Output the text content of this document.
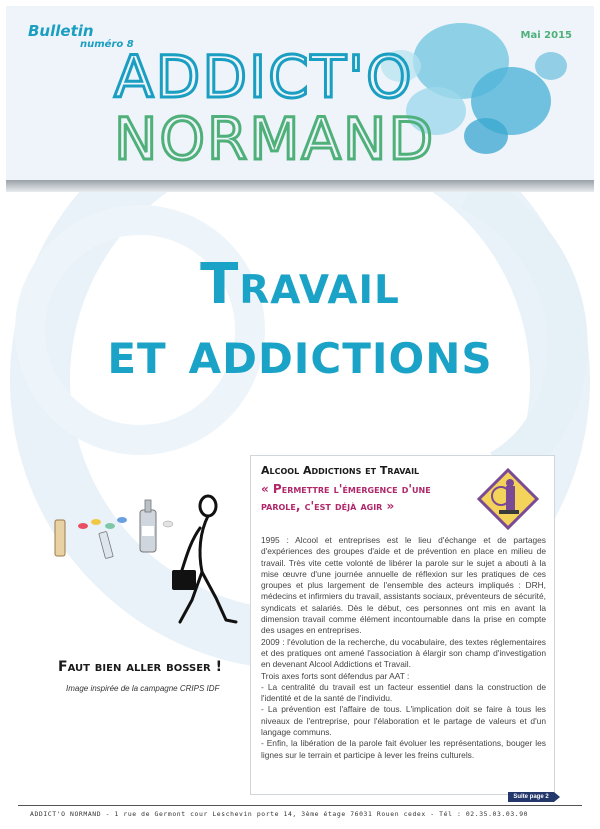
Bulletin
numéro 8
Mai 2015
ADDICT'O
NORMAND
Travail
et addictions
Faut bien aller bosser !
Image inspirée de la campagne CRIPS IDF
Alcool Addictions et Travail
« Permettre l'émergence d'une parole, c'est déjà agir »

1995 : Alcool et entreprises est le lieu d'échange et de partages d'expériences des groupes d'aide et de prévention en place en milieu de travail. Très vite cette volonté de libérer la parole sur le sujet a abouti à la mise œuvre d'une journée annuelle de réflexion sur les pratiques de ces groupes et plus largement de l'ensemble des acteurs impliqués : DRH, médecins et infirmiers du travail, assistants sociaux, préventeurs de sécurité, syndicats et salariés. Dès le début, ces personnes ont mis en avant la dimension travail comme élément incontournable dans la prise en compte des usages en entreprises.

2009 : l'évolution de la recherche, du vocabulaire, des textes réglementaires et des pratiques ont amené l'association à élargir son champ d'investigation en devenant Alcool Addictions et Travail.

Trois axes forts sont défendus par AAT :

- La centralité du travail est un facteur essentiel dans la construction de l'identité et de la santé de l'individu.

- La prévention est l'affaire de tous. L'implication doit se faire à tous les niveaux de l'entreprise, pour l'élaboration et le partage de valeurs et d'un langage communs.

- Enfin, la libération de la parole fait évoluer les représentations, bouger les lignes sur le terrain et participe à lever les freins culturels.

Suite page 2
ADDICT'O NORMAND - 1 rue de Germont cour Leschevin porte 14, 3ème étage 76031 Rouen cedex - Tél : 02.35.03.03.90
